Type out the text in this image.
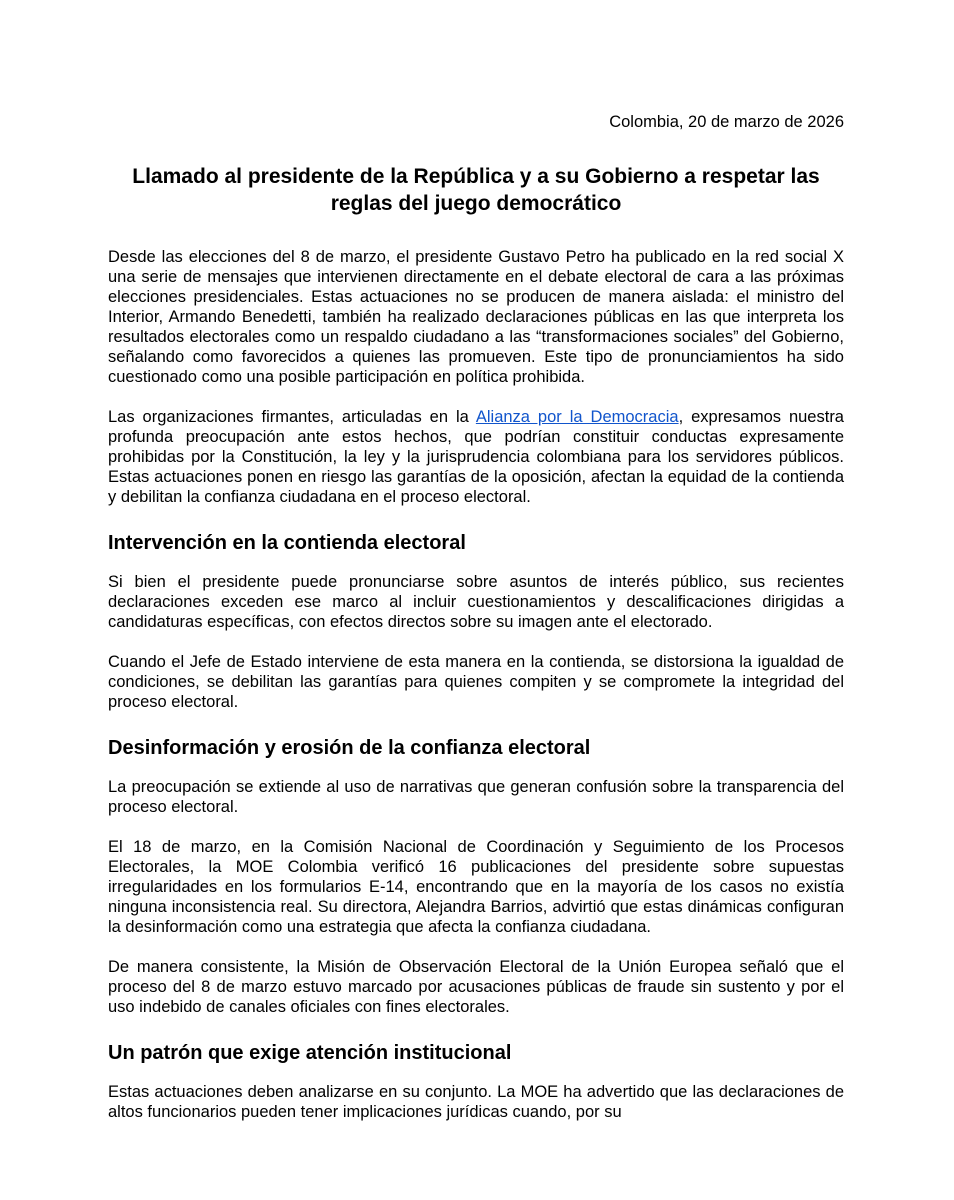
Colombia, 20 de marzo de 2026
Llamado al presidente de la República y a su Gobierno a respetar las reglas del juego democrático

Desde las elecciones del 8 de marzo, el presidente Gustavo Petro ha publicado en la red social X una serie de mensajes que intervienen directamente en el debate electoral de cara a las próximas elecciones presidenciales. Estas actuaciones no se producen de manera aislada: el ministro del Interior, Armando Benedetti, también ha realizado declaraciones públicas en las que interpreta los resultados electorales como un respaldo ciudadano a las “transformaciones sociales” del Gobierno, señalando como favorecidos a quienes las promueven. Este tipo de pronunciamientos ha sido cuestionado como una posible participación en política prohibida.

Las organizaciones firmantes, articuladas en la Alianza por la Democracia, expresamos nuestra profunda preocupación ante estos hechos, que podrían constituir conductas expresamente prohibidas por la Constitución, la ley y la jurisprudencia colombiana para los servidores públicos. Estas actuaciones ponen en riesgo las garantías de la oposición, afectan la equidad de la contienda y debilitan la confianza ciudadana en el proceso electoral.

Intervención en la contienda electoral

Si bien el presidente puede pronunciarse sobre asuntos de interés público, sus recientes declaraciones exceden ese marco al incluir cuestionamientos y descalificaciones dirigidas a candidaturas específicas, con efectos directos sobre su imagen ante el electorado.

Cuando el Jefe de Estado interviene de esta manera en la contienda, se distorsiona la igualdad de condiciones, se debilitan las garantías para quienes compiten y se compromete la integridad del proceso electoral.

Desinformación y erosión de la confianza electoral

La preocupación se extiende al uso de narrativas que generan confusión sobre la transparencia del proceso electoral.

El 18 de marzo, en la Comisión Nacional de Coordinación y Seguimiento de los Procesos Electorales, la MOE Colombia verificó 16 publicaciones del presidente sobre supuestas irregularidades en los formularios E-14, encontrando que en la mayoría de los casos no existía ninguna inconsistencia real. Su directora, Alejandra Barrios, advirtió que estas dinámicas configuran la desinformación como una estrategia que afecta la confianza ciudadana.

De manera consistente, la Misión de Observación Electoral de la Unión Europea señaló que el proceso del 8 de marzo estuvo marcado por acusaciones públicas de fraude sin sustento y por el uso indebido de canales oficiales con fines electorales.

Un patrón que exige atención institucional

Estas actuaciones deben analizarse en su conjunto. La MOE ha advertido que las declaraciones de altos funcionarios pueden tener implicaciones jurídicas cuando, por su
